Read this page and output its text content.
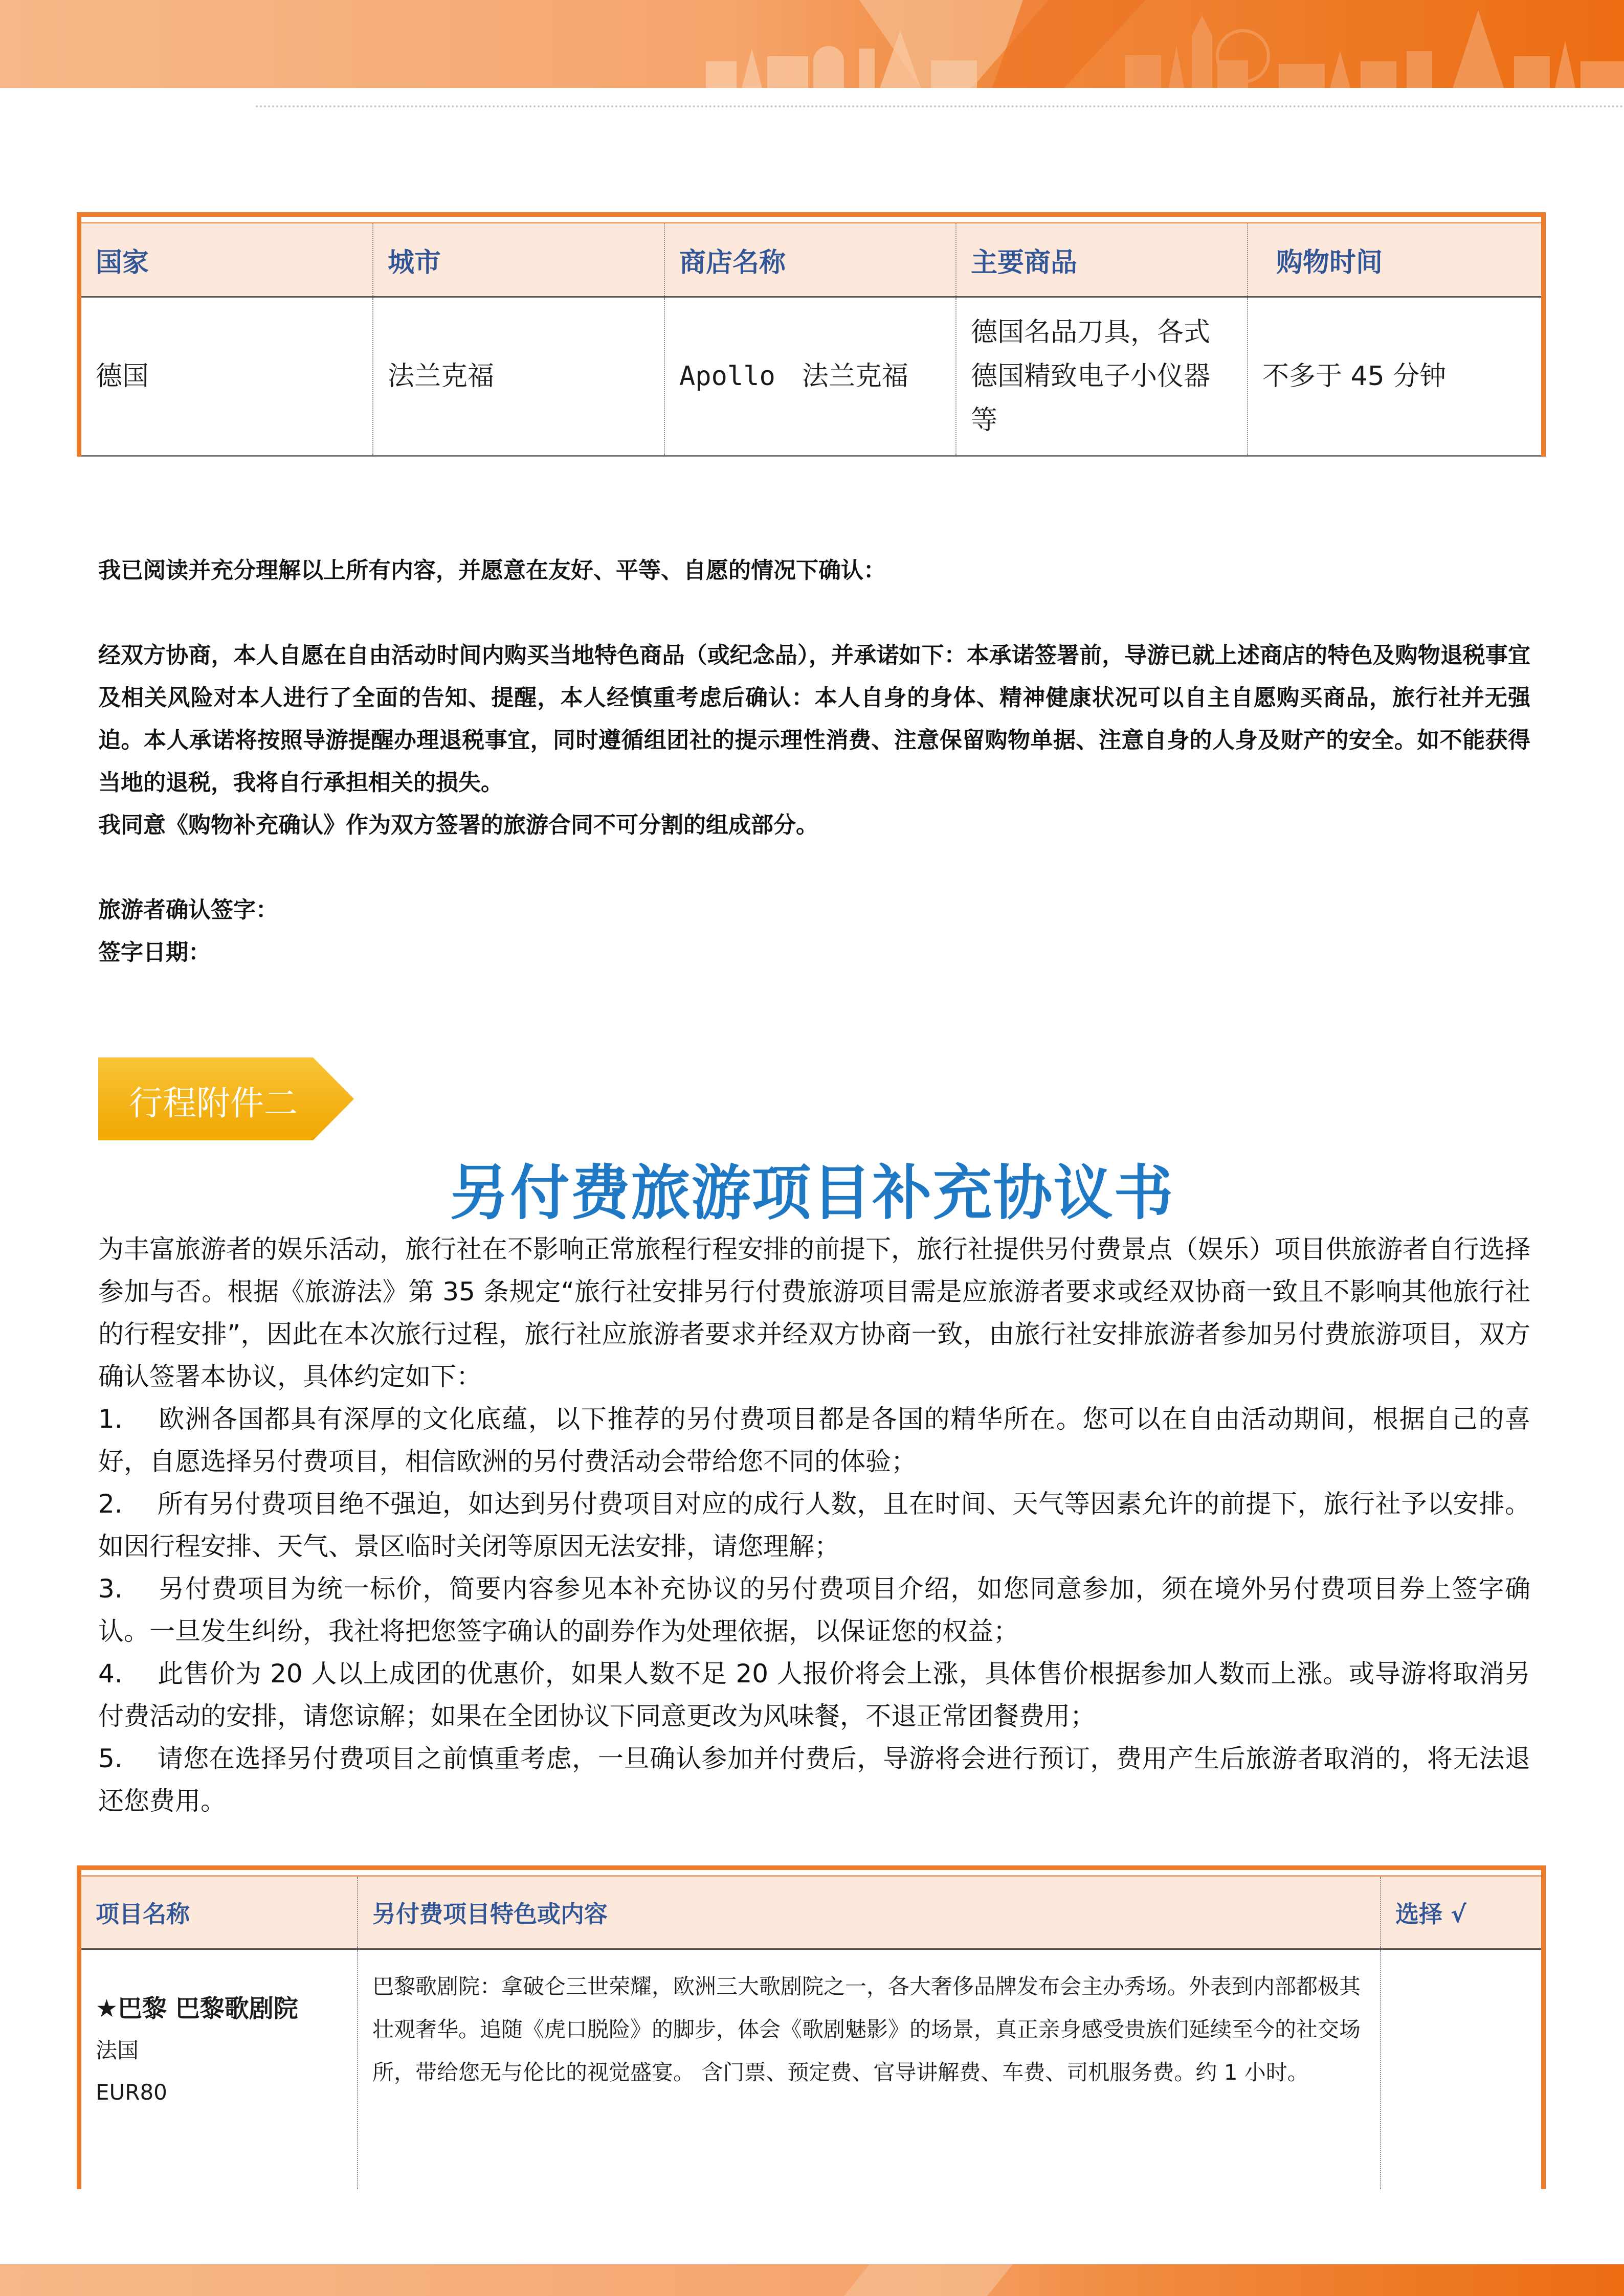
国家	城市	商店名称	主要商品	购物时间
德国	法兰克福	Apollo　法兰克福	德国名品刀具，各式德国精致电子小仪器等	不多于 45 分钟
我已阅读并充分理解以上所有内容，并愿意在友好、平等、自愿的情况下确认：
经双方协商，本人自愿在自由活动时间内购买当地特色商品（或纪念品），并承诺如下：本承诺签署前，导游已就上述商店的特色及购物退税事宜及相关风险对本人进行了全面的告知、提醒，本人经慎重考虑后确认：本人自身的身体、精神健康状况可以自主自愿购买商品，旅行社并无强迫。本人承诺将按照导游提醒办理退税事宜，同时遵循组团社的提示理性消费、注意保留购物单据、注意自身的人身及财产的安全。如不能获得当地的退税，我将自行承担相关的损失。
我同意《购物补充确认》作为双方签署的旅游合同不可分割的组成部分。
旅游者确认签字：
签字日期：
行程附件二
另付费旅游项目补充协议书

为丰富旅游者的娱乐活动，旅行社在不影响正常旅程行程安排的前提下，旅行社提供另付费景点（娱乐）项目供旅游者自行选择参加与否。根据《旅游法》第 35 条规定“旅行社安排另行付费旅游项目需是应旅游者要求或经双协商一致且不影响其他旅行社的行程安排”，因此在本次旅行过程，旅行社应旅游者要求并经双方协商一致，由旅行社安排旅游者参加另付费旅游项目，双方确认签署本协议，具体约定如下：

1.　 欧洲各国都具有深厚的文化底蕴，以下推荐的另付费项目都是各国的精华所在。您可以在自由活动期间，根据自己的喜好，自愿选择另付费项目，相信欧洲的另付费活动会带给您不同的体验；

2.　 所有另付费项目绝不强迫，如达到另付费项目对应的成行人数，且在时间、天气等因素允许的前提下，旅行社予以安排。如因行程安排、天气、景区临时关闭等原因无法安排，请您理解；

3.　 另付费项目为统一标价，简要内容参见本补充协议的另付费项目介绍，如您同意参加，须在境外另付费项目券上签字确认。一旦发生纠纷，我社将把您签字确认的副券作为处理依据，以保证您的权益；

4.　 此售价为 20 人以上成团的优惠价，如果人数不足 20 人报价将会上涨，具体售价根据参加人数而上涨。或导游将取消另付费活动的安排，请您谅解；如果在全团协议下同意更改为风味餐，不退正常团餐费用；

5.　 请您在选择另付费项目之前慎重考虑，一旦确认参加并付费后，导游将会进行预订，费用产生后旅游者取消的，将无法退还您费用。

项目名称	另付费项目特色或内容	选择 √

★巴黎 巴黎歌剧院
法国
EUR80	巴黎歌剧院：拿破仑三世荣耀，欧洲三大歌剧院之一，各大奢侈品牌发布会主办秀场。外表到内部都极其壮观奢华。追随《虎口脱险》的脚步，体会《歌剧魅影》的场景，真正亲身感受贵族们延续至今的社交场所，带给您无与伦比的视觉盛宴。 含门票、预定费、官导讲解费、车费、司机服务费。约 1 小时。	
